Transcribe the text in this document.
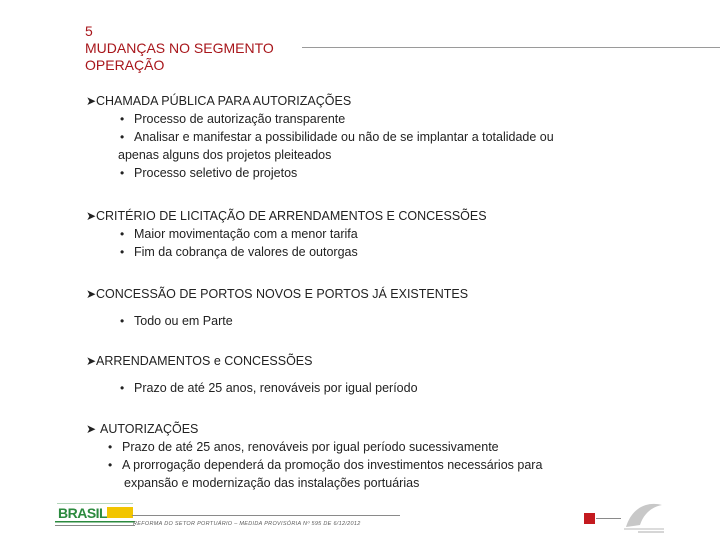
5
MUDANÇAS NO SEGMENTO
OPERAÇÃO
➤ CHAMADA PÚBLICA PARA AUTORIZAÇÕES
• Processo de autorização transparente
• Analisar e manifestar a possibilidade ou não de se implantar a totalidade ou
apenas alguns dos projetos pleiteados
• Processo seletivo de projetos
➤ CRITÉRIO DE LICITAÇÃO DE ARRENDAMENTOS E CONCESSÕES
• Maior movimentação com a menor tarifa
• Fim da cobrança de valores de outorgas
➤ CONCESSÃO DE PORTOS NOVOS E PORTOS JÁ EXISTENTES
• Todo ou em Parte
➤ ARRENDAMENTOS e CONCESSÕES
• Prazo de até 25 anos, renováveis por igual período
➤ AUTORIZAÇÕES
• Prazo de até 25 anos, renováveis por igual período sucessivamente
• A prorrogação dependerá da promoção dos investimentos necessários para
expansão e modernização das instalações portuárias
BRASIL
REFORMA DO SETOR PORTUÁRIO – MEDIDA PROVISÓRIA Nº 595 DE 6/12/2012
